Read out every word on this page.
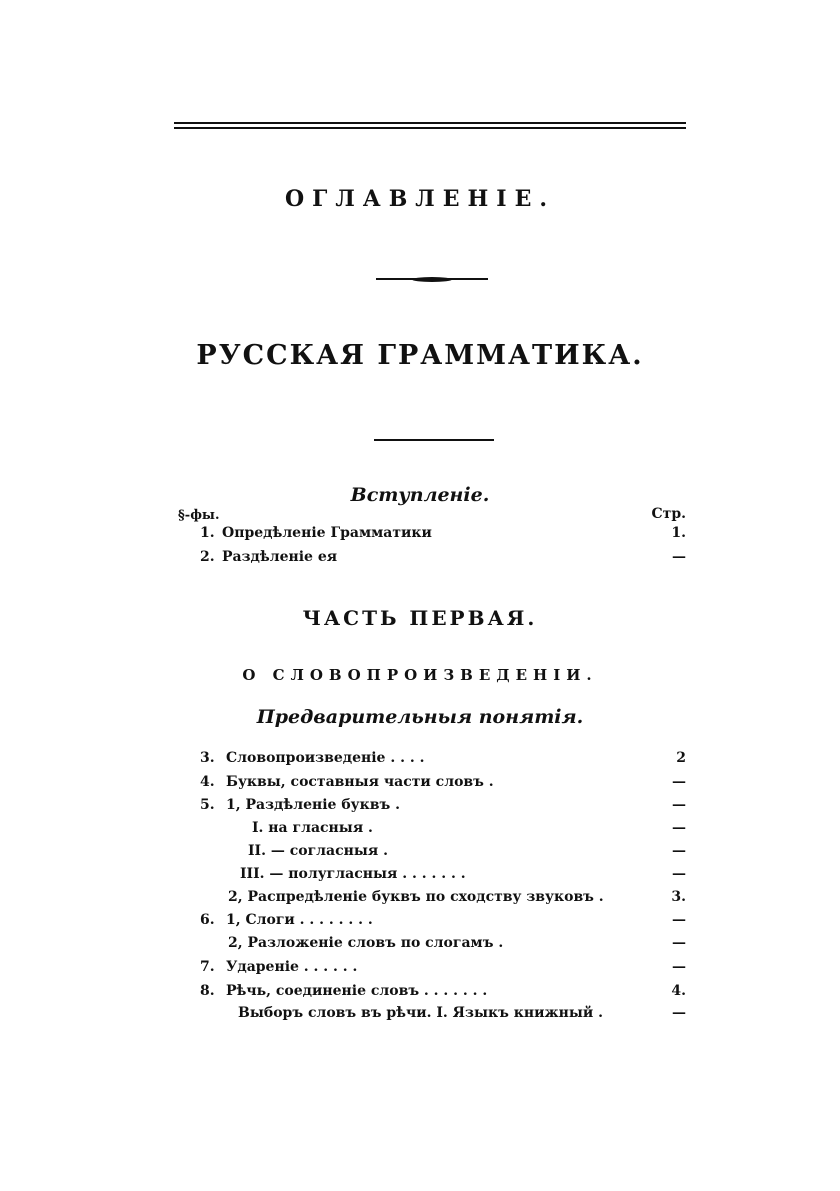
ОГЛАВЛЕНІЕ.
РУССКАЯ ГРАММАТИКА.
Вступленіе.
§-фы.	Стр.
1. Опредѣленіе Грамматики	1.
2. Раздѣленіе ея	—
ЧАСТЬ ПЕРВАЯ.
О СЛОВОПРОИЗВЕДЕНІИ.
Предварительныя понятія.
3. Словопроизведеніе . . . .	2
4. Буквы, составныя части словъ .	—
5. 1, Раздѣленіе буквъ .	—
I. на гласныя .	—
II. — согласныя .	—
III. — полугласныя . . . . . . .	—
2, Распредѣленіе буквъ по сходству звуковъ .	3.
6. 1, Слоги . . . . . . . .	—
2, Разложеніе словъ по слогамъ .	—
7. Удареніе . . . . . .	—
8. Рѣчь, соединеніе словъ . . . . . . .	4.
Выборъ словъ въ рѣчи. I. Языкъ книжный .	—
